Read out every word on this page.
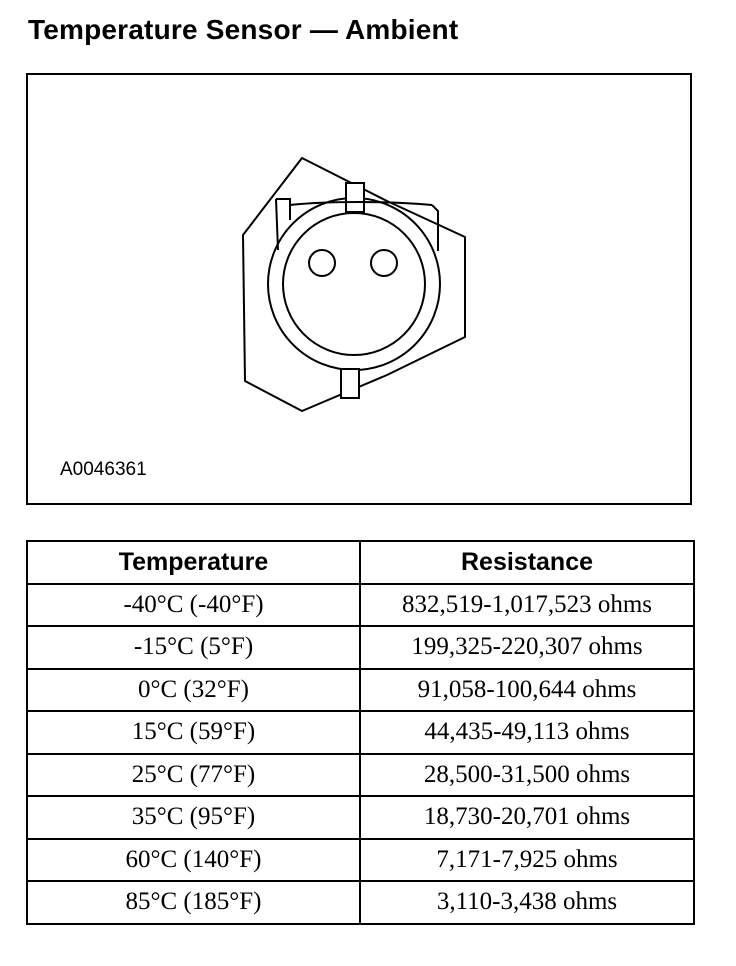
Temperature Sensor — Ambient
A0046361
Temperature	Resistance
-40°C (-40°F)	832,519-1,017,523 ohms
-15°C (5°F)	199,325-220,307 ohms
0°C (32°F)	91,058-100,644 ohms
15°C (59°F)	44,435-49,113 ohms
25°C (77°F)	28,500-31,500 ohms
35°C (95°F)	18,730-20,701 ohms
60°C (140°F)	7,171-7,925 ohms
85°C (185°F)	3,110-3,438 ohms
